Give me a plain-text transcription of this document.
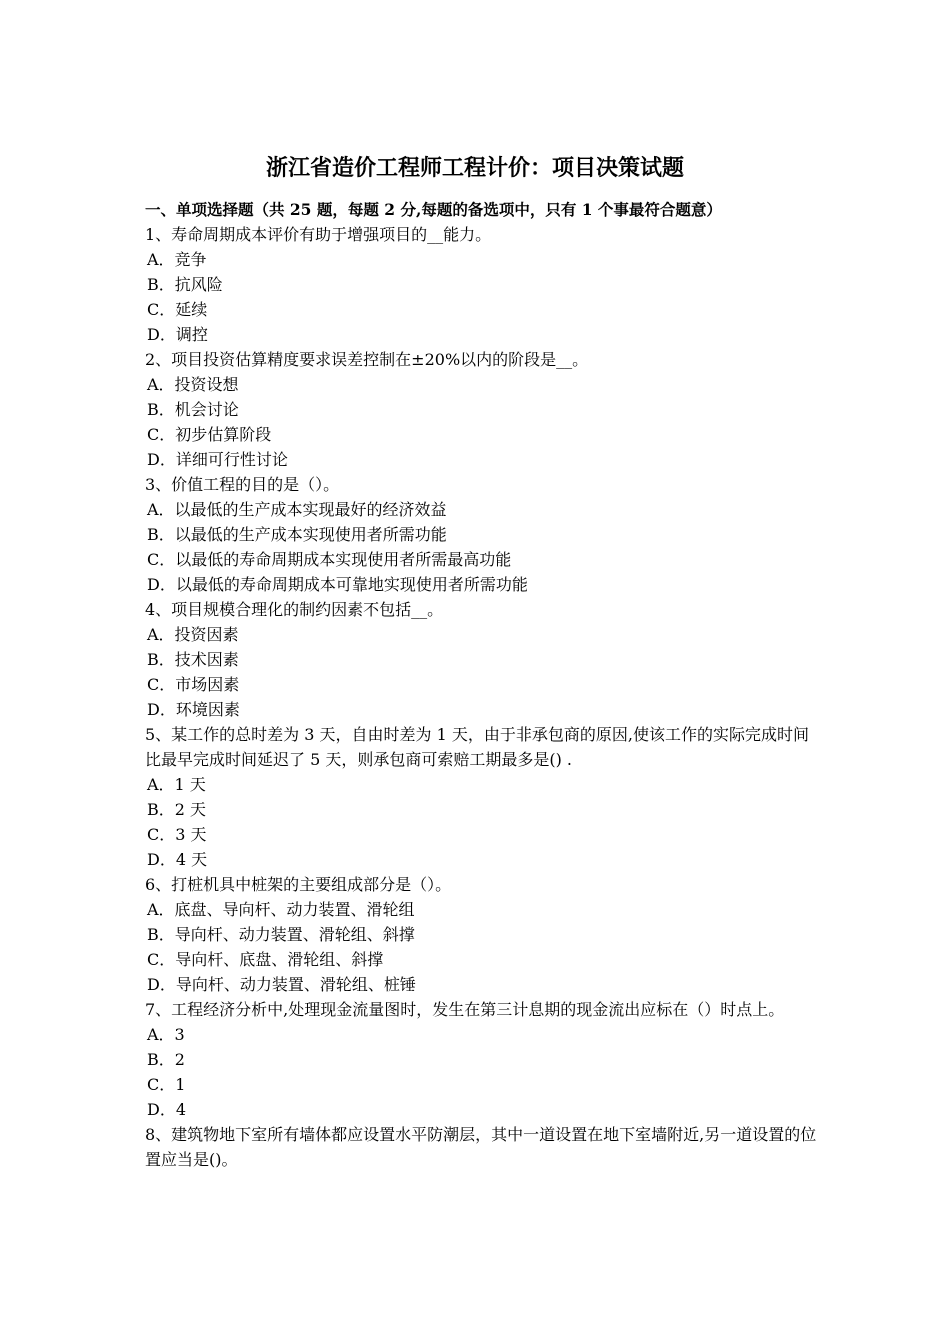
浙江省造价工程师工程计价：项目决策试题
一、单项选择题（共 25 题，每题 2 分,每题的备选项中，只有 1 个事最符合题意）
1、寿命周期成本评价有助于增强项目的__能力。
A．竞争
B．抗风险
C．延续
D．调控
2、项目投资估算精度要求误差控制在±20%以内的阶段是__。
A．投资设想
B．机会讨论
C．初步估算阶段
D．详细可行性讨论
3、价值工程的目的是（）。
A．以最低的生产成本实现最好的经济效益
B．以最低的生产成本实现使用者所需功能
C．以最低的寿命周期成本实现使用者所需最高功能
D．以最低的寿命周期成本可靠地实现使用者所需功能
4、项目规模合理化的制约因素不包括__。
A．投资因素
B．技术因素
C．市场因素
D．环境因素
5、某工作的总时差为 3 天，自由时差为 1 天，由于非承包商的原因,使该工作的实际完成时间比最早完成时间延迟了 5 天，则承包商可索赔工期最多是() .
A．1 天
B．2 天
C．3 天
D．4 天
6、打桩机具中桩架的主要组成部分是（）。
A．底盘、导向杆、动力装置、滑轮组
B．导向杆、动力装置、滑轮组、斜撑
C．导向杆、底盘、滑轮组、斜撑
D．导向杆、动力装置、滑轮组、桩锤
7、工程经济分析中,处理现金流量图时，发生在第三计息期的现金流出应标在（）时点上。
A．3
B．2
C．1
D．4
8、建筑物地下室所有墙体都应设置水平防潮层，其中一道设置在地下室墙附近,另一道设置的位置应当是()。
